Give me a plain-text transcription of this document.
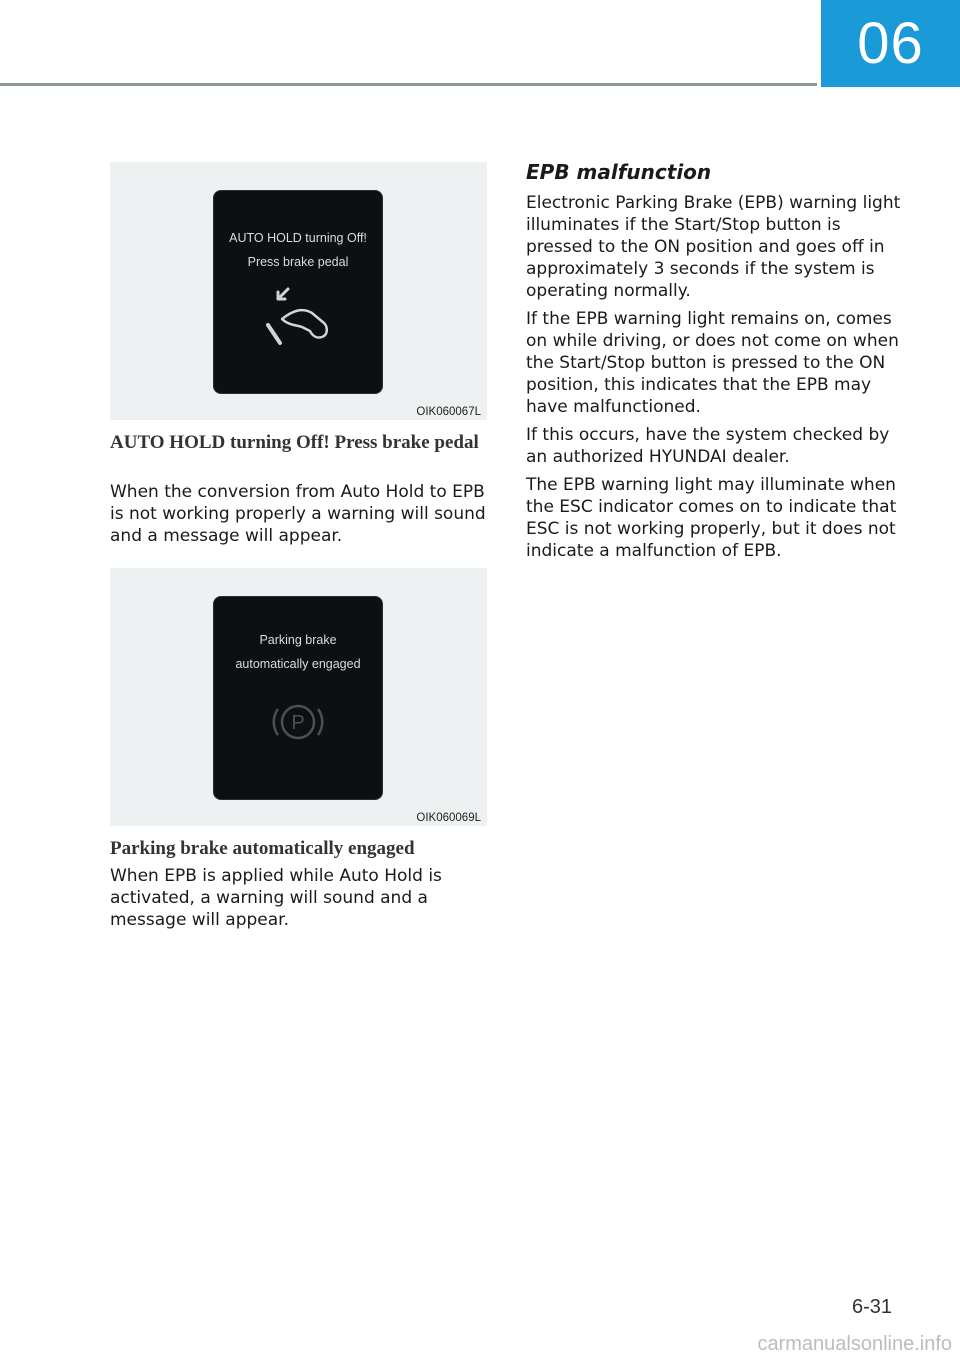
06
AUTO HOLD turning Off!
Press brake pedal
OIK060067L
AUTO HOLD turning Off! Press brake pedal

When the conversion from Auto Hold to EPB is not working properly a warning will sound and a message will appear.

Parking brake
automatically engaged
P
OIK060069L
Parking brake automatically engaged

When EPB is applied while Auto Hold is activated, a warning will sound and a message will appear.

EPB malfunction

Electronic Parking Brake (EPB) warning light illuminates if the Start/Stop button is pressed to the ON position and goes off in approximately 3 seconds if the system is operating normally.

If the EPB warning light remains on, comes on while driving, or does not come on when the Start/Stop button is pressed to the ON position, this indicates that the EPB may have malfunctioned.

If this occurs, have the system checked by an authorized HYUNDAI dealer.

The EPB warning light may illuminate when the ESC indicator comes on to indicate that ESC is not working properly, but it does not indicate a malfunction of EPB.

6-31
carmanualsonline.info
